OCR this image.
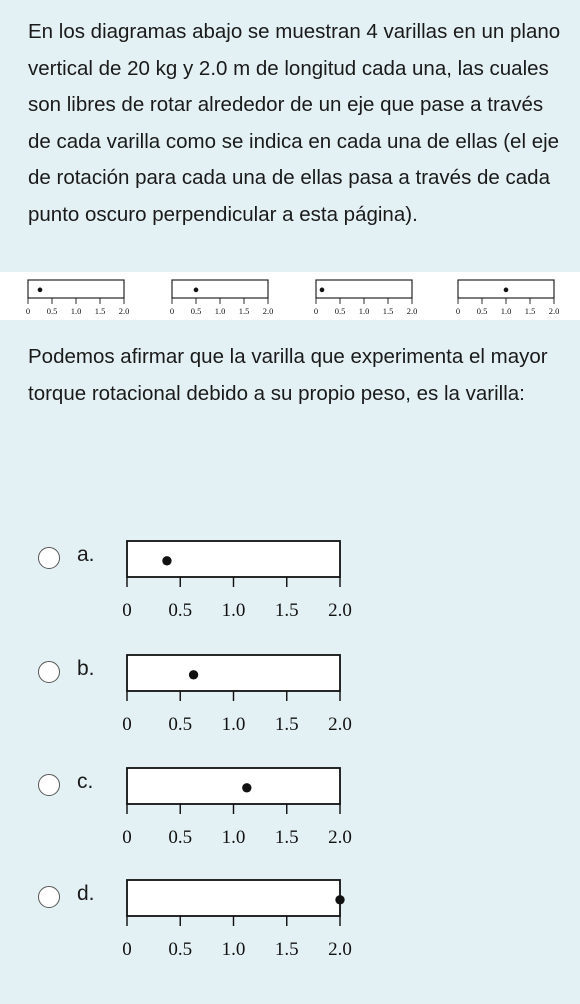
En los diagramas abajo se muestran 4 varillas en un plano vertical de 20 kg y 2.0 m de longitud cada una, las cuales son libres de rotar alrededor de un eje que pase a través de cada varilla como se indica en cada una de ellas (el eje de rotación para cada una de ellas pasa a través de cada punto oscuro perpendicular a esta página).

0 0.5 1.0 1.5 2.0	0 0.5 1.0 1.5 2.0	0 0.5 1.0 1.5 2.0	0 0.5 1.0 1.5 2.0

Podemos afirmar que la varilla que experimenta el mayor torque rotacional debido a su propio peso, es la varilla:

a.
0 0.5 1.0 1.5 2.0
b.
0 0.5 1.0 1.5 2.0
c.
0 0.5 1.0 1.5 2.0
d.
0 0.5 1.0 1.5 2.0
